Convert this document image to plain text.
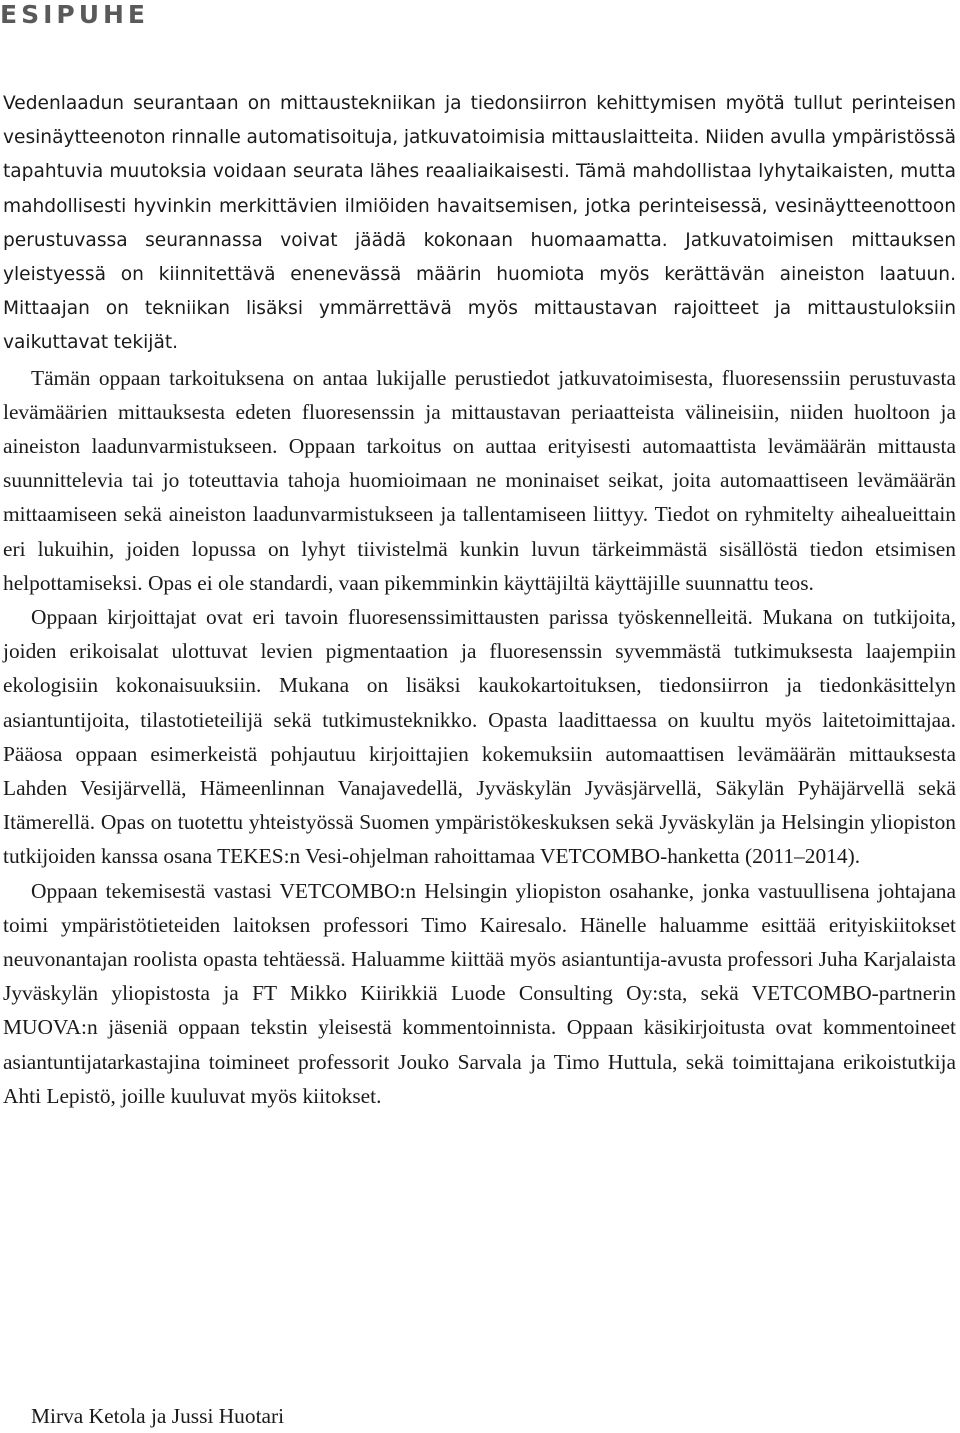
ESIPUHE

Vedenlaadun seurantaan on mittaustekniikan ja tiedonsiirron kehittymisen myötä tullut perinteisen vesinäytteenoton rinnalle automatisoituja, jatkuvatoimisia mittauslaitteita. Niiden avulla ympäristössä tapahtuvia muutoksia voidaan seurata lähes reaaliaikaisesti. Tämä mahdollistaa lyhytaikaisten, mutta mahdollisesti hyvinkin merkittävien ilmiöiden havaitsemisen, jotka perinteisessä, vesinäytteenottoon perustuvassa seurannassa voivat jäädä kokonaan huomaamatta. Jatkuvatoimisen mittauksen yleistyessä on kiinnitettävä enenevässä määrin huomiota myös kerättävän aineiston laatuun. Mittaajan on tekniikan lisäksi ymmärrettävä myös mittaustavan rajoitteet ja mittaustuloksiin vaikuttavat tekijät.

Tämän oppaan tarkoituksena on antaa lukijalle perustiedot jatkuvatoimisesta, fluoresenssiin perustuvasta levämäärien mittauksesta edeten fluoresenssin ja mittaustavan periaatteista välineisiin, niiden huoltoon ja aineiston laadunvarmistukseen. Oppaan tarkoitus on auttaa erityisesti automaattista levämäärän mittausta suunnittelevia tai jo toteuttavia tahoja huomioimaan ne moninaiset seikat, joita automaattiseen levämäärän mittaamiseen sekä aineiston laadunvarmistukseen ja tallentamiseen liittyy. Tiedot on ryhmitelty aihealueittain eri lukuihin, joiden lopussa on lyhyt tiivistelmä kunkin luvun tärkeimmästä sisällöstä tiedon etsimisen helpottamiseksi. Opas ei ole standardi, vaan pikemminkin käyttäjiltä käyttäjille suunnattu teos.

Oppaan kirjoittajat ovat eri tavoin fluoresenssimittausten parissa työskennelleitä. Mukana on tutkijoita, joiden erikoisalat ulottuvat levien pigmentaation ja fluoresenssin syvemmästä tutkimuksesta laajempiin ekologisiin kokonaisuuksiin. Mukana on lisäksi kaukokartoituksen, tiedonsiirron ja tiedonkäsittelyn asiantuntijoita, tilastotieteilijä sekä tutkimusteknikko. Opasta laadittaessa on kuultu myös laitetoimittajaa. Pääosa oppaan esimerkeistä pohjautuu kirjoittajien kokemuksiin automaattisen levämäärän mittauksesta Lahden Vesijärvellä, Hämeenlinnan Vanajavedellä, Jyväskylän Jyväsjärvellä, Säkylän Pyhäjärvellä sekä Itämerellä. Opas on tuotettu yhteistyössä Suomen ympäristökeskuksen sekä Jyväskylän ja Helsingin yliopiston tutkijoiden kanssa osana TEKES:n Vesi-ohjelman rahoittamaa VETCOMBO-hanketta (2011–2014).

Oppaan tekemisestä vastasi VETCOMBO:n Helsingin yliopiston osahanke, jonka vastuullisena johtajana toimi ympäristötieteiden laitoksen professori Timo Kairesalo. Hänelle haluamme esittää erityiskiitokset neuvonantajan roolista opasta tehtäessä. Haluamme kiittää myös asiantuntija-avusta professori Juha Karjalaista Jyväskylän yliopistosta ja FT Mikko Kiirikkiä Luode Consulting Oy:sta, sekä VETCOMBO-partnerin MUOVA:n jäseniä oppaan tekstin yleisestä kommentoinnista. Oppaan käsikirjoitusta ovat kommentoineet asiantuntijatarkastajina toimineet professorit Jouko Sarvala ja Timo Huttula, sekä toimittajana erikoistutkija Ahti Lepistö, joille kuuluvat myös kiitokset.

Mirva Ketola ja Jussi Huotari
